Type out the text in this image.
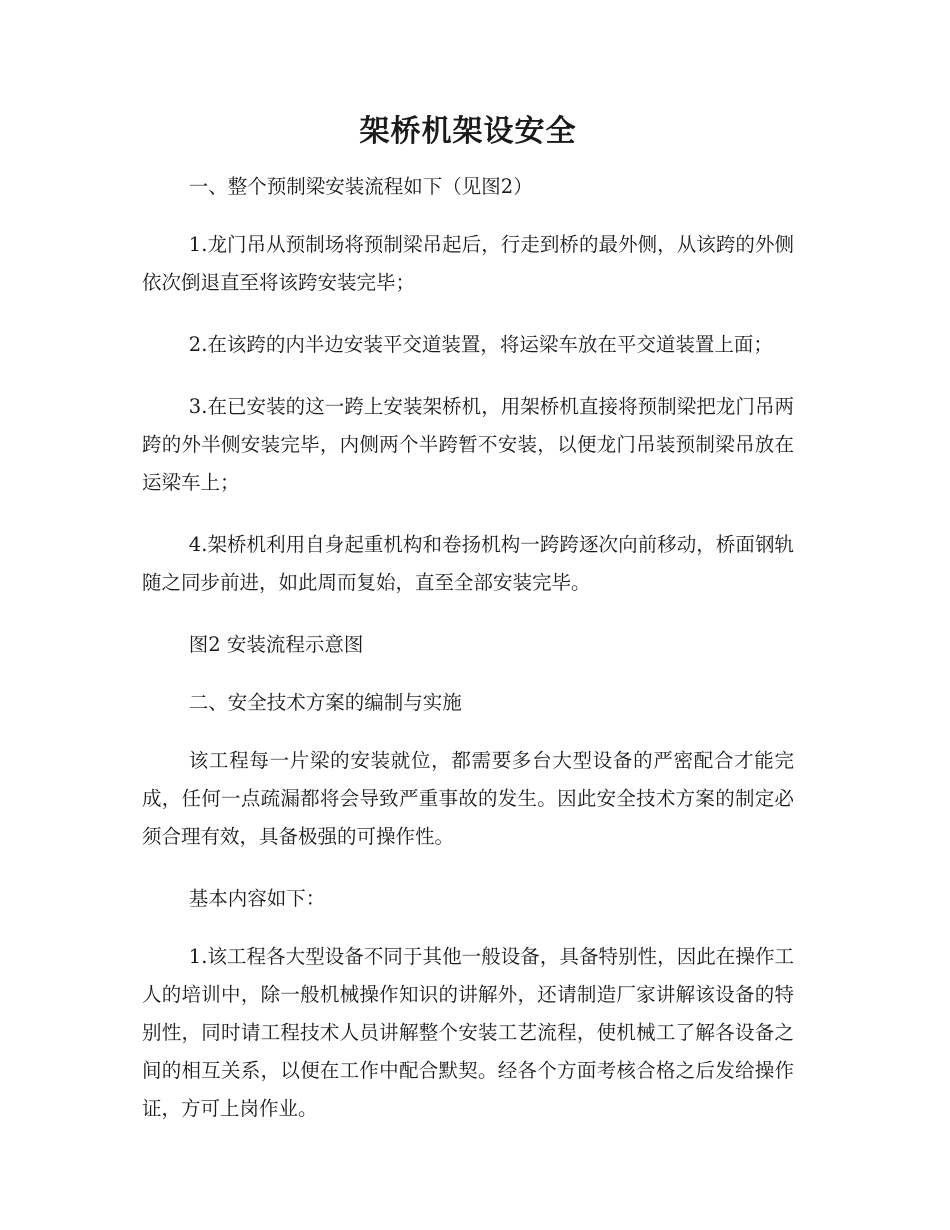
架桥机架设安全

一、整个预制梁安装流程如下（见图2）

1.龙门吊从预制场将预制梁吊起后，行走到桥的最外侧，从该跨的外侧依次倒退直至将该跨安装完毕；

2.在该跨的内半边安装平交道装置，将运梁车放在平交道装置上面；

3.在已安装的这一跨上安装架桥机，用架桥机直接将预制梁把龙门吊两跨的外半侧安装完毕，内侧两个半跨暂不安装，以便龙门吊装预制梁吊放在运梁车上；

4.架桥机利用自身起重机构和卷扬机构一跨跨逐次向前移动，桥面钢轨随之同步前进，如此周而复始，直至全部安装完毕。

图2 安装流程示意图

二、安全技术方案的编制与实施

该工程每一片梁的安装就位，都需要多台大型设备的严密配合才能完成，任何一点疏漏都将会导致严重事故的发生。因此安全技术方案的制定必须合理有效，具备极强的可操作性。

基本内容如下：

1.该工程各大型设备不同于其他一般设备，具备特别性，因此在操作工人的培训中，除一般机械操作知识的讲解外，还请制造厂家讲解该设备的特别性，同时请工程技术人员讲解整个安装工艺流程，使机械工了解各设备之间的相互关系，以便在工作中配合默契。经各个方面考核合格之后发给操作证，方可上岗作业。
